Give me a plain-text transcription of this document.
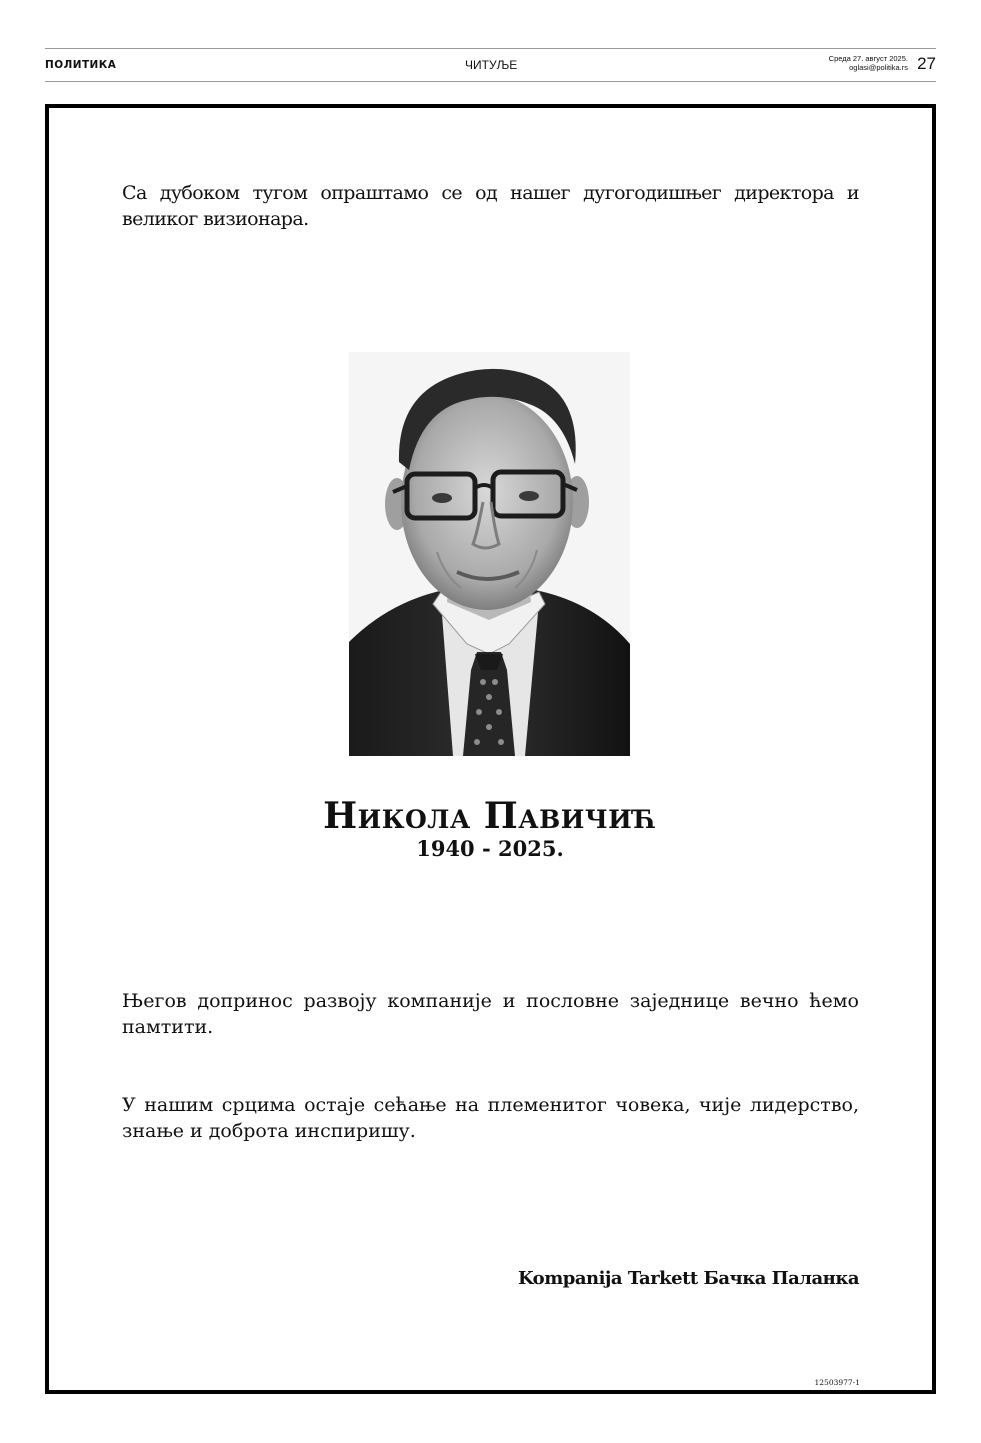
ПОЛИТИКА	ЧИТУЉЕ	Среда 27. август 2025.
oglasi@politika.rs 27

Са дубоком тугом опраштамо се од нашег дугогодишњег директора и великог визионара.

Никола Павичић
1940 - 2025.

Његов допринос развоју компаније и пословне заједнице вечно ћемо памтити.

У нашим срцима остаје сећање на племенитог човека, чије лидерство, знање и доброта инспиришу.

Kompanija Tarkett Бачка Паланка
12503977-1
